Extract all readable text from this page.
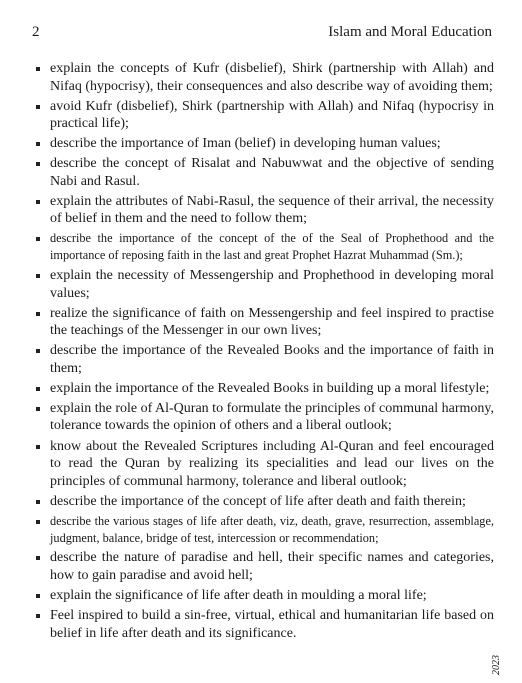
2	Islam and Moral Education
explain the concepts of Kufr (disbelief), Shirk (partnership with Allah) and Nifaq (hypocrisy), their consequences and also describe way of avoiding them;
avoid Kufr (disbelief), Shirk (partnership with Allah) and Nifaq (hypocrisy in practical life);
describe the importance of Iman (belief) in developing human values;
describe the concept of Risalat and Nabuwwat and the objective of sending Nabi and Rasul.
explain the attributes of Nabi-Rasul, the sequence of their arrival, the necessity of belief in them and the need to follow them;
describe the importance of the concept of the of the Seal of Prophethood and the importance of reposing faith in the last and great Prophet Hazrat Muhammad (Sm.);
explain the necessity of Messengership and Prophethood in developing moral values;
realize the significance of faith on Messengership and feel inspired to practise the teachings of the Messenger in our own lives;
describe the importance of the Revealed Books and the importance of faith in them;
explain the importance of the Revealed Books in building up a moral lifestyle;
explain the role of Al-Quran to formulate the principles of communal harmony, tolerance towards the opinion of others and a liberal outlook;
know about the Revealed Scriptures including Al-Quran and feel encouraged to read the Quran by realizing its specialities and lead our lives on the principles of communal harmony, tolerance and liberal outlook;
describe the importance of the concept of life after death and faith therein;
describe the various stages of life after death, viz, death, grave, resurrection, assemblage, judgment, balance, bridge of test, intercession or recommendation;
describe the nature of paradise and hell, their specific names and categories, how to gain paradise and avoid hell;
explain the significance of life after death in moulding a moral life;
Feel inspired to build a sin-free, virtual, ethical and humanitarian life based on belief in life after death and its significance.
2023
